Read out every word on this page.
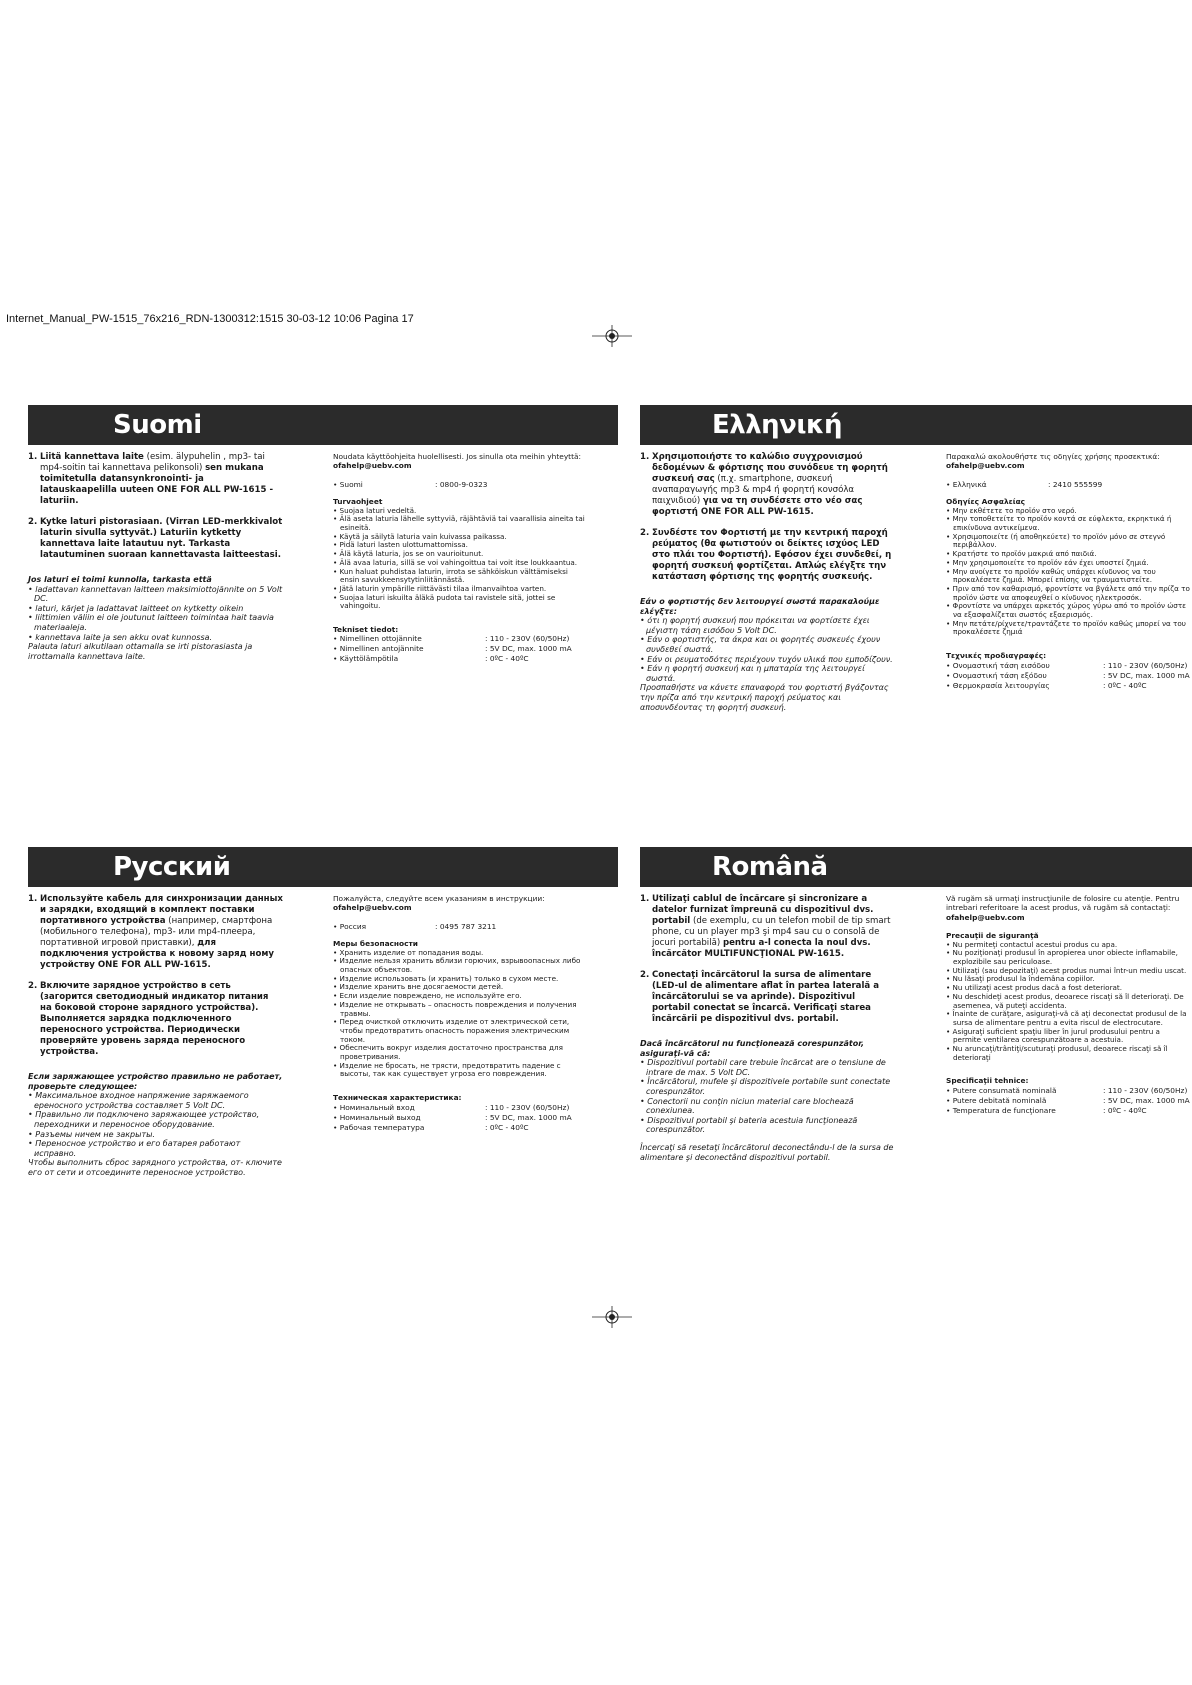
Internet_Manual_PW-1515_76x216_RDN-1300312:1515 30-03-12 10:06 Pagina 17
Suomi

1. Liitä kannettava laite (esim. älypuhelin , mp3- tai mp4-soitin tai kannettava pelikonsoli) sen mukana toimitetulla datansynkronointi- ja latauskaapelilla uuteen ONE FOR ALL PW-1615 -laturiin.

2. Kytke laturi pistorasiaan. (Virran LED-merkkivalot laturin sivulla syttyvät.) Laturiin kytketty kannettava laite latautuu nyt. Tarkasta latautuminen suoraan kannettavasta laitteestasi.

Jos laturi ei toimi kunnolla, tarkasta että
• ladattavan kannettavan laitteen maksimiottojännite on 5 Volt DC.
• laturi, kärjet ja ladattavat laitteet on kytketty oikein
• liittimien väliin ei ole joutunut laitteen toimintaa hait taavia materiaaleja.
• kannettava laite ja sen akku ovat kunnossa.
Palauta laturi alkutilaan ottamalla se irti pistorasiasta ja irrottamalla kannettava laite.

Noudata käyttöohjeita huolellisesti. Jos sinulla ota meihin yhteyttä:

ofahelp@uebv.com

• Suomi	: 0800-9-0323

Turvaohjeet

• Suojaa laturi vedeltä.
• Älä aseta laturia lähelle syttyviä, räjähtäviä tai vaarallisia aineita tai esineitä.
• Käytä ja säilytä laturia vain kuivassa paikassa.
• Pidä laturi lasten ulottumattomissa.
• Älä käytä laturia, jos se on vaurioitunut.
• Älä avaa laturia, sillä se voi vahingoittua tai voit itse loukkaantua.
• Kun haluat puhdistaa laturin, irrota se sähköiskun välttämiseksi ensin savukkeensytytinliitännästä.
• Jätä laturin ympärille riittävästi tilaa ilmanvaihtoa varten.
• Suojaa laturi iskuilta äläkä pudota tai ravistele sitä, jottei se vahingoitu.
Tekniset tiedot:
• Nimellinen ottojännite	: 110 - 230V (60/50Hz)
• Nimellinen antojännite	: 5V DC, max. 1000 mA
• Käyttölämpötila	: 0ºC - 40ºC
Ελληνική

1. Χρησιμοποιήστε το καλώδιο συγχρονισμού δεδομένων & φόρτισης που συνόδευε τη φορητή συσκευή σας (π.χ. smartphone, συσκευή αναπαραγωγής mp3 & mp4 ή φορητή κονσόλα παιχνιδιού) για να τη συνδέσετε στο νέο σας φορτιστή ONE FOR ALL PW-1615.

2. Συνδέστε τον Φορτιστή με την κεντρική παροχή ρεύματος (θα φωτιστούν οι δείκτες ισχύος LED στο πλάι του Φορτιστή). Εφόσον έχει συνδεθεί, η φορητή συσκευή φορτίζεται. Απλώς ελέγξτε την κατάσταση φόρτισης της φορητής συσκευής.

Εάν ο φορτιστής δεν λειτουργεί σωστά παρακαλούμε ελέγξτε:
• ότι η φορητή συσκευή που πρόκειται να φορτίσετε έχει μέγιστη τάση εισόδου 5 Volt DC.
• Εάν ο φορτιστής, τα άκρα και οι φορητές συσκευές έχουν συνδεθεί σωστά.
• Εάν οι ρευματοδότες περιέχουν τυχόν υλικά που εμποδίζουν.
• Εάν η φορητή συσκευή και η μπαταρία της λειτουργεί σωστά.
Προσπαθήστε να κάνετε επαναφορά του φορτιστή βγάζοντας την πρίζα από την κεντρική παροχή ρεύματος και αποσυνδέοντας τη φορητή συσκευή.

Παρακαλώ ακολουθήστε τις οδηγίες χρήσης προσεκτικά: ofahelp@uebv.com

• Ελληνικά	: 2410 555599

Οδηγίες Ασφαλείας

• Μην εκθέτετε το προϊόν στο νερό.
• Μην τοποθετείτε το προϊόν κοντά σε εύφλεκτα, εκρηκτικά ή επικίνδυνα αντικείμενα.
• Χρησιμοποιείτε (ή αποθηκεύετε) το προϊόν μόνο σε στεγνό περιβάλλον.
• Κρατήστε το προϊόν μακριά από παιδιά.
• Μην χρησιμοποιείτε το προϊόν εάν έχει υποστεί ζημιά.
• Μην ανοίγετε το προϊόν καθώς υπάρχει κίνδυνος να του προκαλέσετε ζημιά. Μπορεί επίσης να τραυματιστείτε.
• Πριν από τον καθαρισμό, φροντίστε να βγάλετε από την πρίζα το προϊόν ώστε να αποφευχθεί ο κίνδυνος ηλεκτροσόκ.
• Φροντίστε να υπάρχει αρκετός χώρος γύρω από το προϊόν ώστε να εξασφαλίζεται σωστός εξαερισμός.
• Μην πετάτε/ρίχνετε/τραντάζετε το προϊόν καθώς μπορεί να του προκαλέσετε ζημιά
Τεχνικές προδιαγραφές:
• Ονομαστική τάση εισόδου	: 110 - 230V (60/50Hz)
• Ονομαστική τάση εξόδου	: 5V DC, max. 1000 mA
• Θερμοκρασία λειτουργίας	: 0ºC - 40ºC
Русский

1. Используйте кабель для синхронизации данных и зарядки, входящий в комплект поставки портативного устройства (например, смартфона (мобильного телефона), mp3- или mp4-плеера, портативной игровой приставки), для подключения устройства к новому заряд ному устройству ONE FOR ALL PW-1615.

2. Включите зарядное устройство в сеть (загорится светодиодный индикатор питания на боковой стороне зарядного устройства). Выполняется зарядка подключенного переносного устройства. Периодически проверяйте уровень заряда переносного устройства.

Если заряжающее устройство правильно не работает, проверьте следующее:
• Максимальное входное напряжение заряжаемого ереносного устройства составляет 5 Volt DC.
• Правильно ли подключено заряжающее устройство, переходники и переносное оборудование.
• Разъемы ничем не закрыты.
• Переносное устройство и его батарея работают исправно.
Чтобы выполнить сброс зарядного устройства, от- ключите его от сети и отсоедините переносное устройство.

Пожалуйста, следуйте всем указаниям в инструкции:

ofahelp@uebv.com

• Россия	: 0495 787 3211

Меры безопасности

• Хранить изделие от попадания воды.
• Изделие нельзя хранить вблизи горючих, взрывоопасных либо опасных объектов.
• Изделие использовать (и хранить) только в сухом месте.
• Изделие хранить вне досягаемости детей.
• Если изделие повреждено, не используйте его.
• Изделие не открывать – опасность повреждения и получения травмы.
• Перед очисткой отключить изделие от электрической сети, чтобы предотвратить опасность поражения электрическим током.
• Обеспечить вокруг изделия достаточно пространства для проветривания.
• Изделие не бросать, не трясти, предотвратить падение с высоты, так как существует угроза его повреждения.
Техническая характеристика:
• Номинальный вход	: 110 - 230V (60/50Hz)
• Номинальный выход	: 5V DC, max. 1000 mA
• Рабочая температура	: 0ºC - 40ºC
Română

1. Utilizaţi cablul de încărcare şi sincronizare a datelor furnizat împreună cu dispozitivul dvs. portabil (de exemplu, cu un telefon mobil de tip smart phone, cu un player mp3 şi mp4 sau cu o consolă de jocuri portabilă) pentru a-l conecta la noul dvs. încărcător MULTIFUNCŢIONAL PW-1615.

2. Conectaţi încărcătorul la sursa de alimentare (LED-ul de alimentare aflat în partea laterală a încărcătorului se va aprinde). Dispozitivul portabil conectat se încarcă. Verificaţi starea încărcării pe dispozitivul dvs. portabil.

Dacă încărcătorul nu funcţionează corespunzător, asiguraţi-vă că:
• Dispozitivul portabil care trebuie încărcat are o tensiune de intrare de max. 5 Volt DC.
• Încărcătorul, mufele şi dispozitivele portabile sunt conectate corespunzător.
• Conectorii nu conţin niciun material care blochează conexiunea.
• Dispozitivul portabil şi bateria acestuia funcţionează corespunzător.
Încercaţi să resetaţi încărcătorul deconectându-l de la sursa de alimentare şi deconectând dispozitivul portabil.

Vă rugăm să urmaţi instrucţiunile de folosire cu atenţie. Pentru intrebari referitoare la acest produs, vă rugăm să contactaţi:

ofahelp@uebv.com

Precauţii de siguranţă

• Nu permiteţi contactul acestui produs cu apa.
• Nu poziţionaţi produsul în apropierea unor obiecte inflamabile, explozibile sau periculoase.
• Utilizaţi (sau depozitaţi) acest produs numai într-un mediu uscat.
• Nu lăsaţi produsul la îndemâna copiilor.
• Nu utilizaţi acest produs dacă a fost deteriorat.
• Nu deschideţi acest produs, deoarece riscaţi să îl deterioraţi. De asemenea, vă puteţi accidenta.
• Înainte de curăţare, asiguraţi-vă că aţi deconectat produsul de la sursa de alimentare pentru a evita riscul de electrocutare.
• Asiguraţi suficient spaţiu liber în jurul produsului pentru a permite ventilarea corespunzătoare a acestuia.
• Nu aruncaţi/trântiţi/scuturaţi produsul, deoarece riscaţi să îl deterioraţi
Specificaţii tehnice:
• Putere consumată nominală	: 110 - 230V (60/50Hz)
• Putere debitată nominală	: 5V DC, max. 1000 mA
• Temperatura de funcţionare	: 0ºC - 40ºC
